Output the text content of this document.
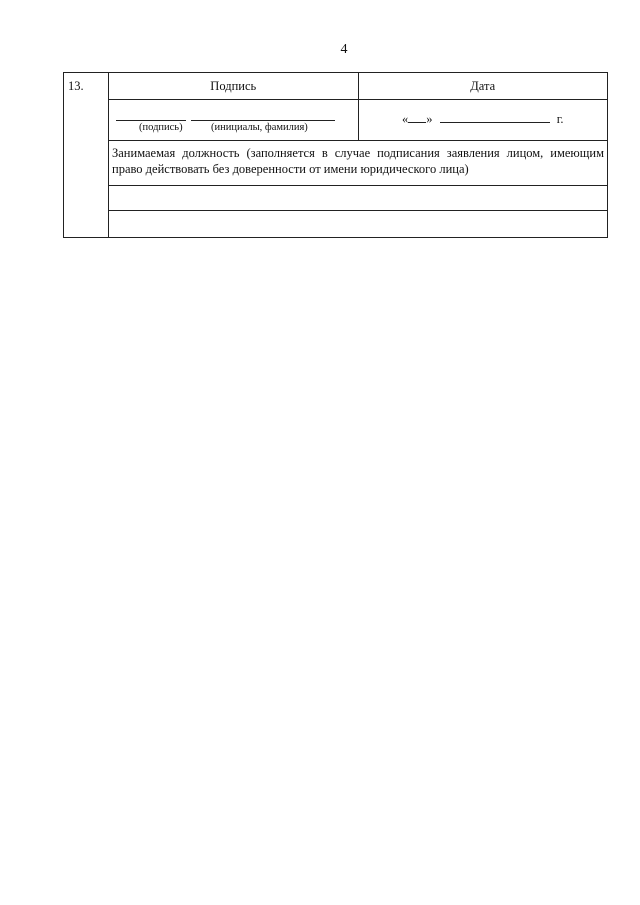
4
13.	Подпись	Дата

	(подпись) (инициалы, фамилия)	« » г.

	Занимаемая должность (заполняется в случае подписания заявления лицом, имеющим право действовать без доверенности от имени юридического лица)	
